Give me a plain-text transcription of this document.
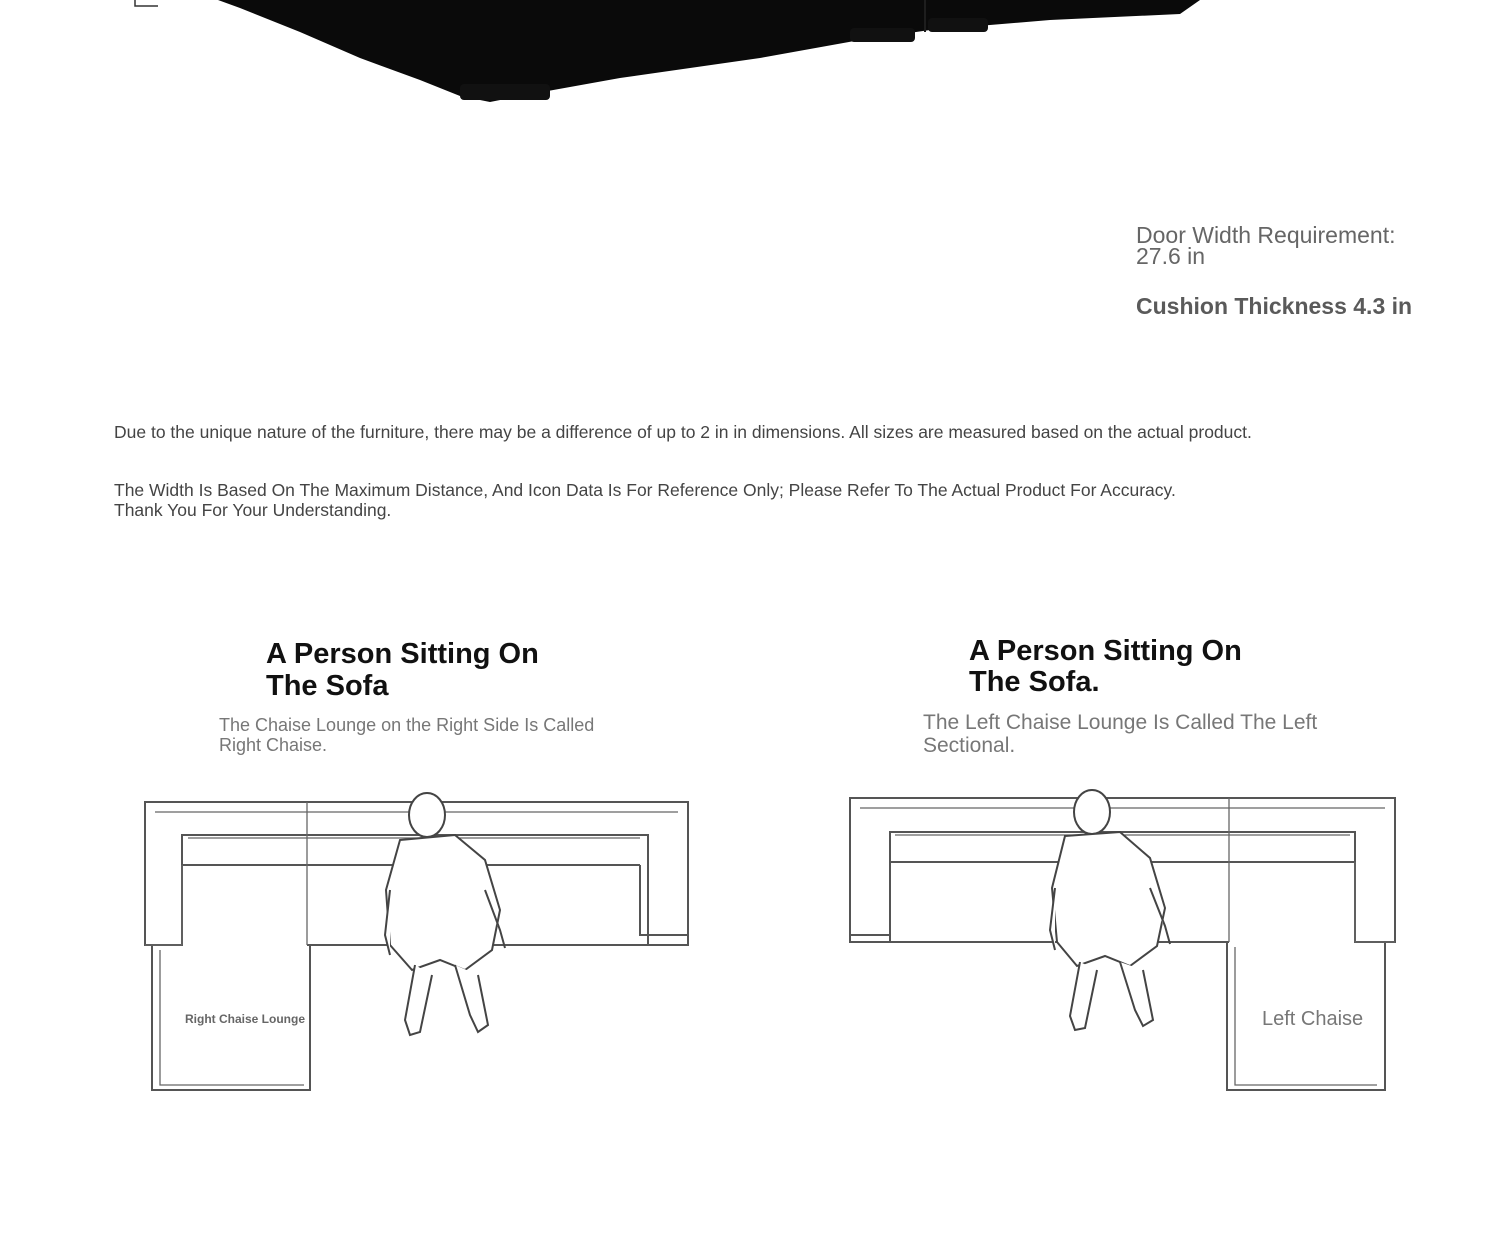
Door Width Requirement: 27.6 in
Cushion Thickness 4.3 in
Due to the unique nature of the furniture, there may be a difference of up to 2 in in dimensions. All sizes are measured based on the actual product.
The Width Is Based On The Maximum Distance, And Icon Data Is For Reference Only; Please Refer To The Actual Product For Accuracy. Thank You For Your Understanding.
A Person Sitting On The Sofa
The Chaise Lounge on the Right Side Is Called Right Chaise.
A Person Sitting On The Sofa.
The Left Chaise Lounge Is Called The Left Sectional.
Right Chaise Lounge	Left Chaise
